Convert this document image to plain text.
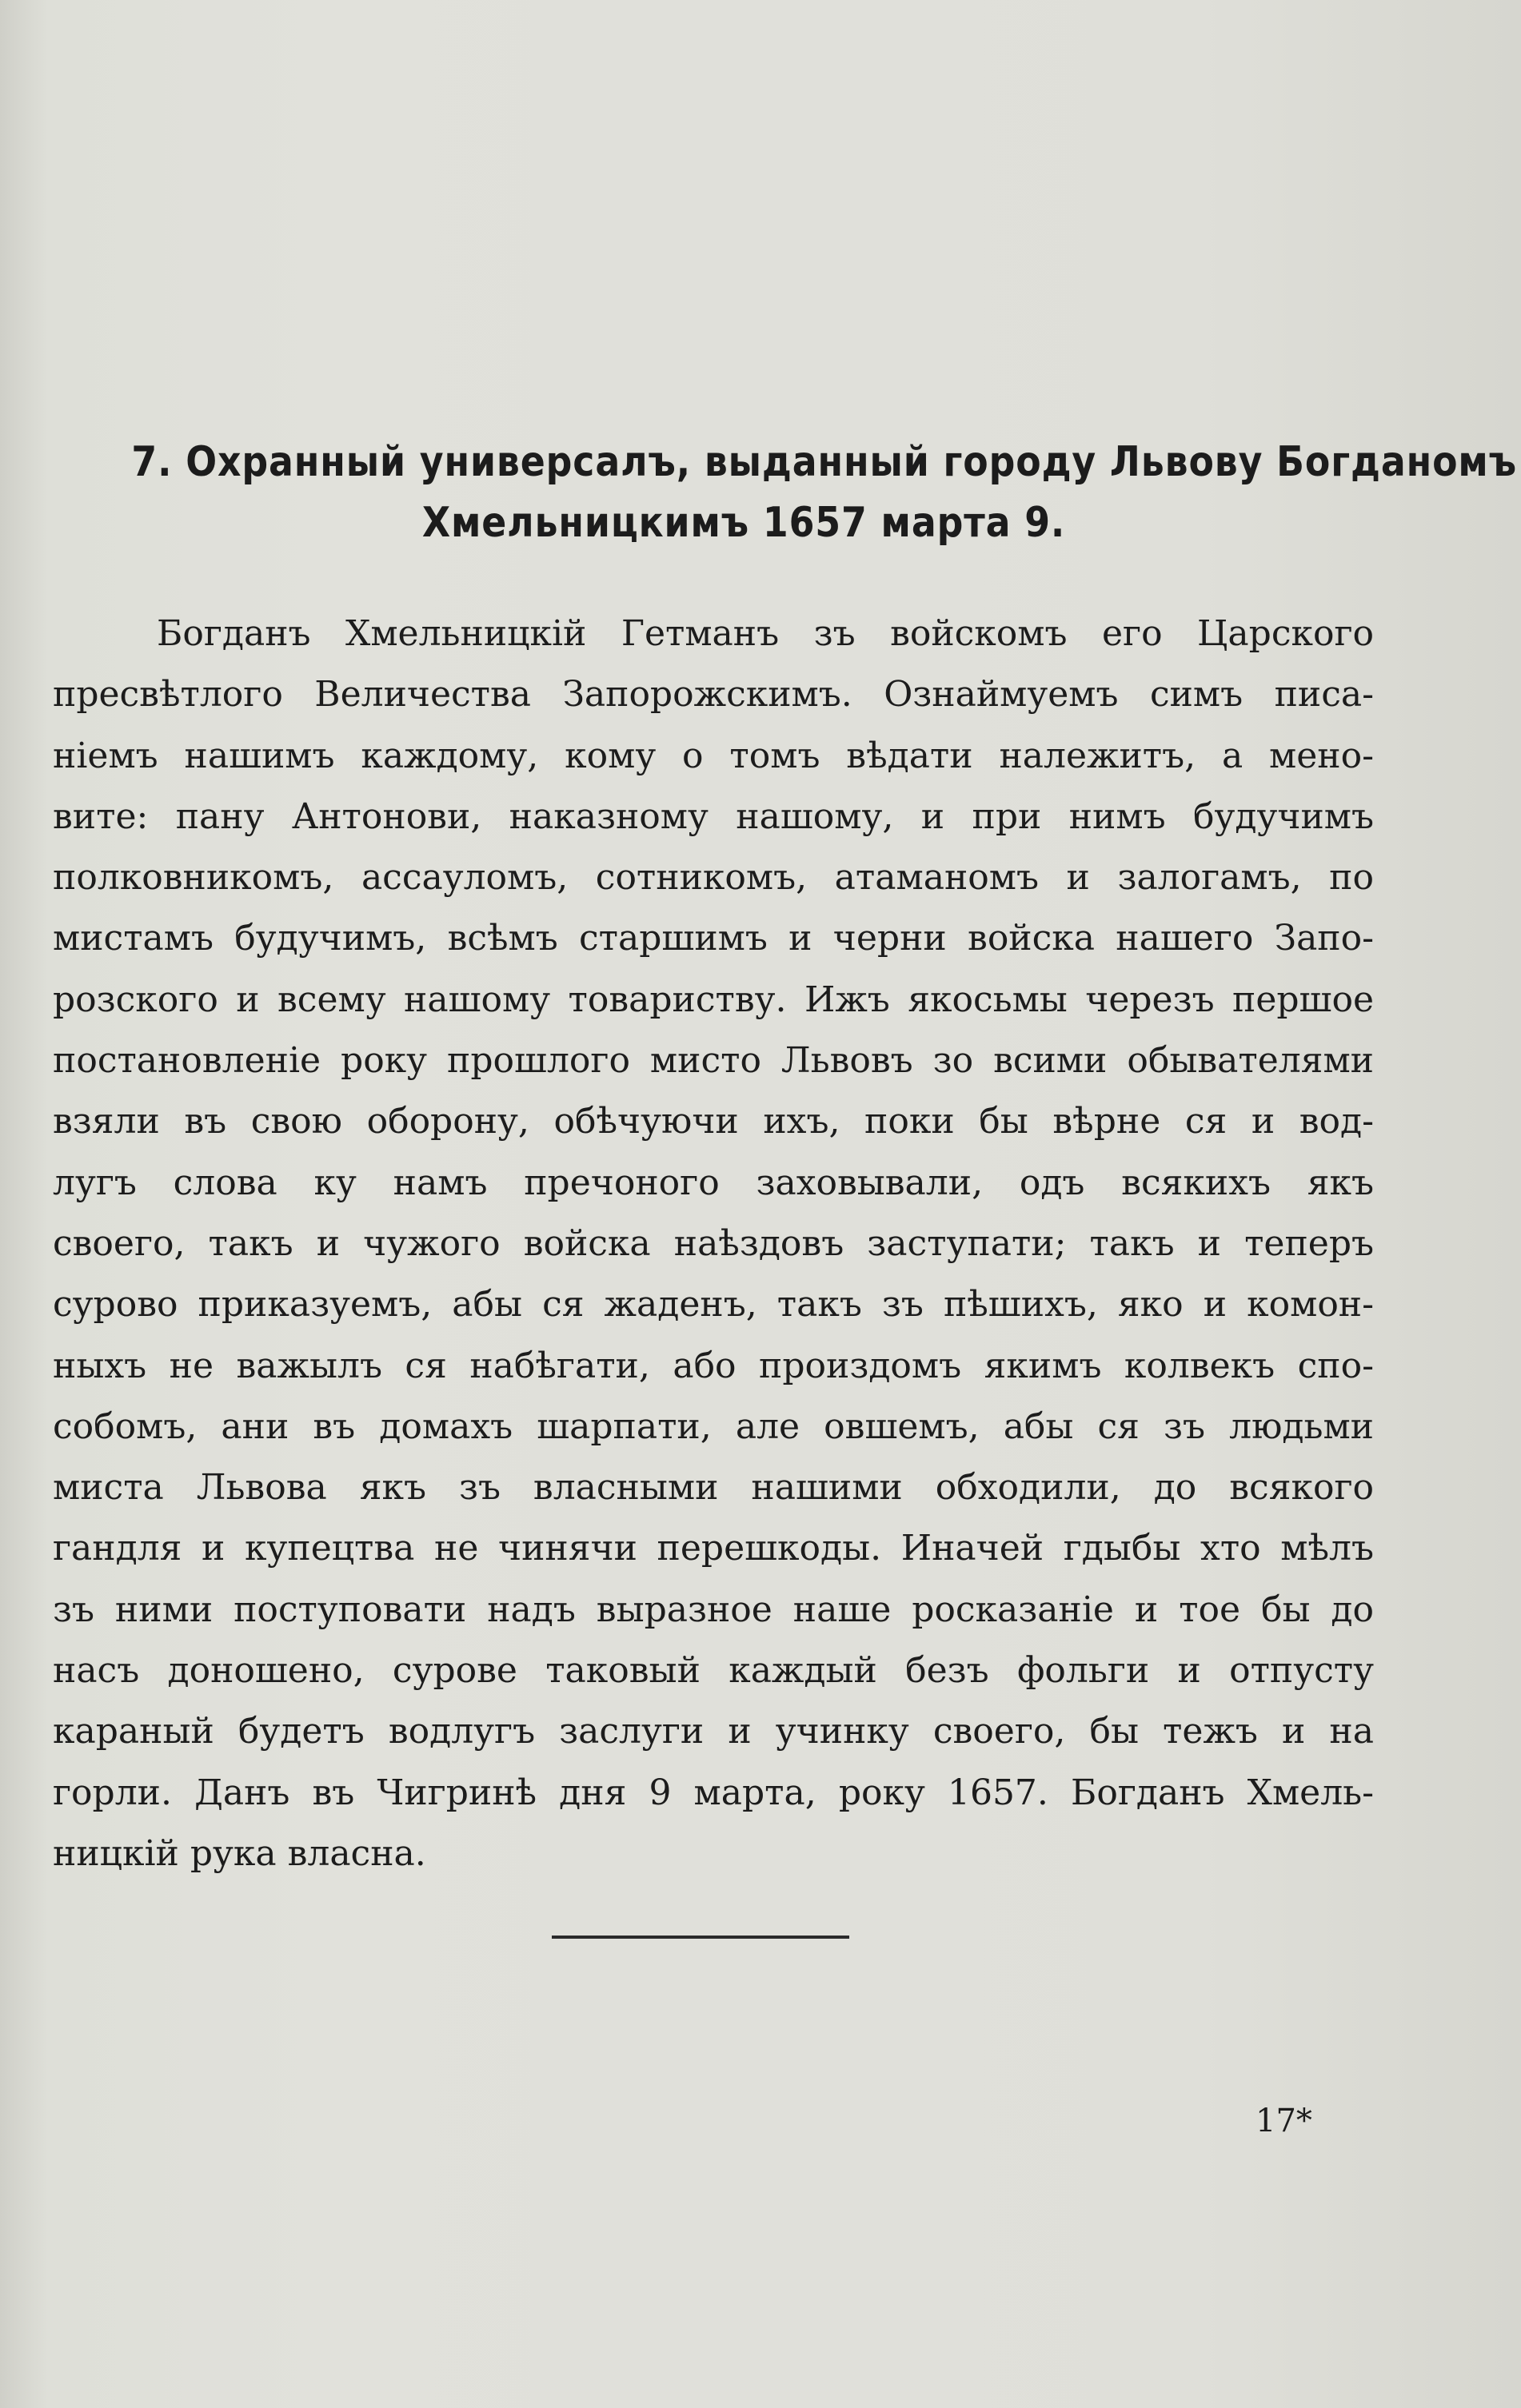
7. Охранный универсалъ, выданный городу Львову Богданомъ
Хмельницкимъ 1657 марта 9.
Богданъ Хмельницкій Гетманъ зъ войскомъ его Царского
пресвѣтлого Величества Запорожскимъ. Ознаймуемъ симъ писа-
ніемъ нашимъ каждому, кому о томъ вѣдати належитъ, а мено-
вите: пану Антонови, наказному нашому, и при нимъ будучимъ
полковникомъ, ассауломъ, сотникомъ, атаманомъ и залогамъ, по
мистамъ будучимъ, всѣмъ старшимъ и черни войска нашего Запо-
розского и всему нашому товариству. Ижъ якосьмы черезъ першое
постановленіе року прошлого мисто Львовъ зо всими обывателями
взяли въ свою оборону, обѣчуючи ихъ, поки бы вѣрне ся и вод-
лугъ слова ку намъ пречоного заховывали, одъ всякихъ якъ
своего, такъ и чужого войска наѣздовъ заступати; такъ и теперъ
сурово приказуемъ, абы ся жаденъ, такъ зъ пѣшихъ, яко и комон-
ныхъ не важылъ ся набѣгати, або произдомъ якимъ колвекъ спо-
собомъ, ани въ домахъ шарпати, але овшемъ, абы ся зъ людьми
миста Львова якъ зъ власными нашими обходили, до всякого
гандля и купецтва не чинячи перешкоды. Иначей гдыбы хто мѣлъ
зъ ними поступовати надъ выразное наше росказаніе и тое бы до
насъ доношено, сурове таковый каждый безъ фольги и отпусту
караный будетъ водлугъ заслуги и учинку своего, бы тежъ и на
горли. Данъ въ Чигринѣ дня 9 марта, року 1657. Богданъ Хмель-
ницкій рука власна.
17*
